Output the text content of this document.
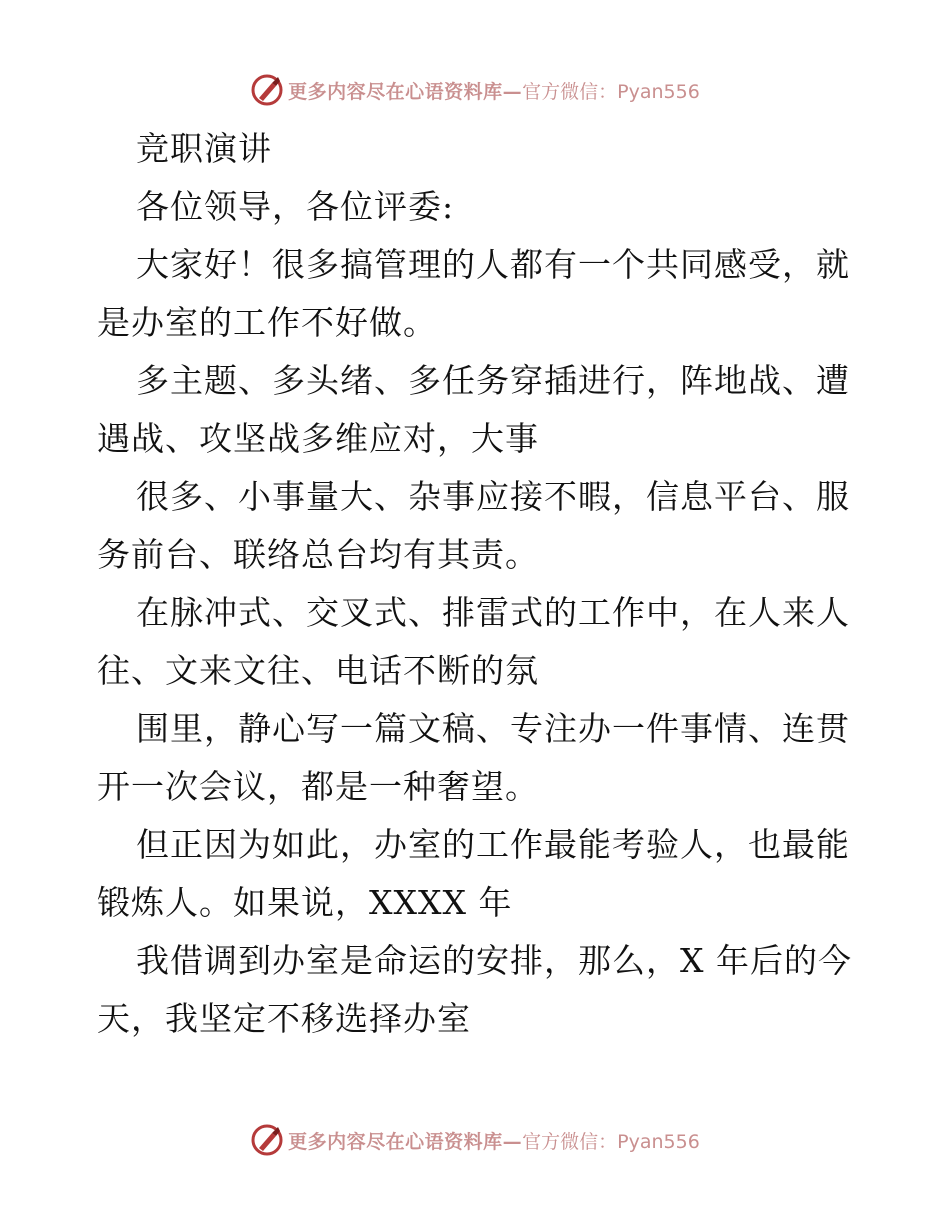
更多内容尽在心语资料库— 官方微信：Pyan556
竞职演讲
各位领导，各位评委:
大家好！很多搞管理的人都有一个共同感受，就
是办室的工作不好做。
多主题、多头绪、多任务穿插进行，阵地战、遭
遇战、攻坚战多维应对，大事
很多、小事量大、杂事应接不暇，信息平台、服
务前台、联络总台均有其责。
在脉冲式、交叉式、排雷式的工作中，在人来人
往、文来文往、电话不断的氛
围里，静心写一篇文稿、专注办一件事情、连贯
开一次会议，都是一种奢望。
但正因为如此，办室的工作最能考验人，也最能
锻炼人。如果说，XXXX 年
我借调到办室是命运的安排，那么，X 年后的今
天，我坚定不移选择办室
更多内容尽在心语资料库— 官方微信：Pyan556
